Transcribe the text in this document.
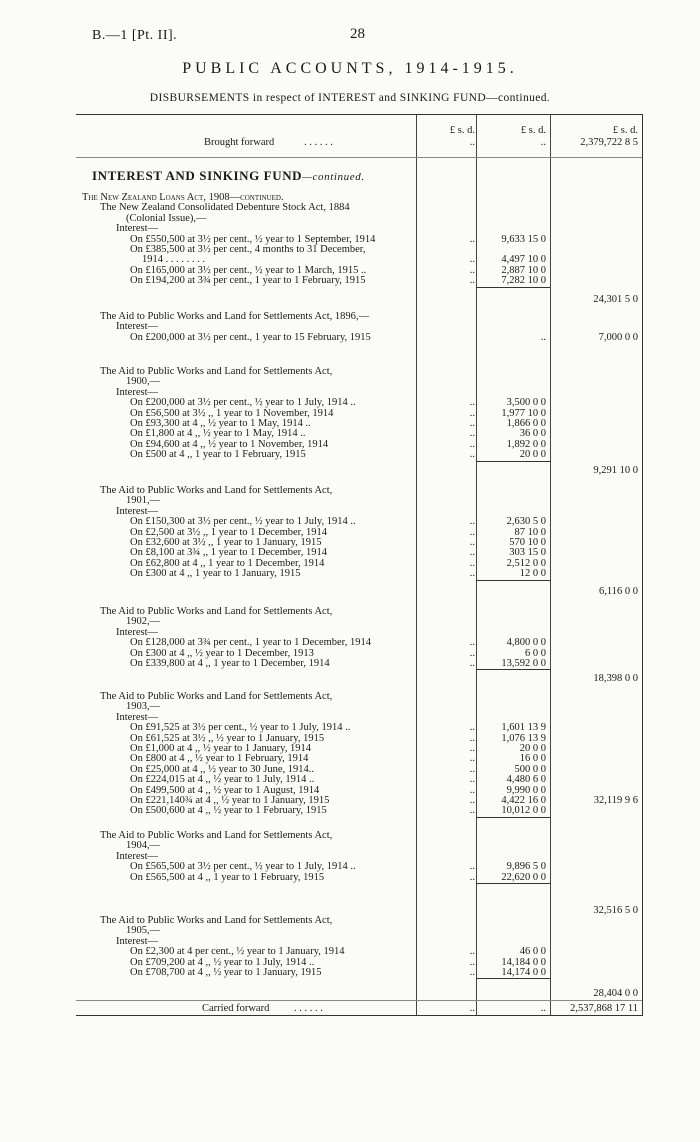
B.—1 [Pt. II].	28
PUBLIC ACCOUNTS, 1914-1915.
DISBURSEMENTS in respect of INTEREST and SINKING FUND—continued.
£ s. d.	£ s. d.	£ s. d.
Brought forward	. . . . . .	..	..	2,379,722 8 5
INTEREST AND SINKING FUND—continued.
The New Zealand Loans Act, 1908—continued.
The New Zealand Consolidated Debenture Stock Act, 1884
(Colonial Issue),—
Interest—
On £550,500 at 3½ per cent., ½ year to 1 September, 1914	..	9,633 15 0
On £385,500 at 3½ per cent., 4 months to 31 December,
1914 . . . . . . . .	..	4,497 10 0
On £165,000 at 3½ per cent., ½ year to 1 March, 1915 ..	..	2,887 10 0
On £194,200 at 3¾ per cent., 1 year to 1 February, 1915	..	7,282 10 0
24,301 5 0
The Aid to Public Works and Land for Settlements Act, 1896,—
Interest—
On £200,000 at 3½ per cent., 1 year to 15 February, 1915	..	7,000 0 0
The Aid to Public Works and Land for Settlements Act,
1900,—
Interest—
On £200,000 at 3½ per cent., ½ year to 1 July, 1914 ..	..	3,500 0 0
On £56,500 at 3½ ,, 1 year to 1 November, 1914	..	1,977 10 0
On £93,300 at 4 ,, ½ year to 1 May, 1914 ..	..	1,866 0 0
On £1,800 at 4 ,, ½ year to 1 May, 1914 ..	..	36 0 0
On £94,600 at 4 ,, ½ year to 1 November, 1914	..	1,892 0 0
On £500 at 4 ,, 1 year to 1 February, 1915	..	20 0 0
9,291 10 0
The Aid to Public Works and Land for Settlements Act,
1901,—
Interest—
On £150,300 at 3½ per cent., ½ year to 1 July, 1914 ..	..	2,630 5 0
On £2,500 at 3½ ,, 1 year to 1 December, 1914	..	87 10 0
On £32,600 at 3½ ,, 1 year to 1 January, 1915	..	570 10 0
On £8,100 at 3¾ ,, 1 year to 1 December, 1914	..	303 15 0
On £62,800 at 4 ,, 1 year to 1 December, 1914	..	2,512 0 0
On £300 at 4 ,, 1 year to 1 January, 1915	..	12 0 0
6,116 0 0
The Aid to Public Works and Land for Settlements Act,
1902,—
Interest—
On £128,000 at 3¾ per cent., 1 year to 1 December, 1914	..	4,800 0 0
On £300 at 4 ,, ½ year to 1 December, 1913	..	6 0 0
On £339,800 at 4 ,, 1 year to 1 December, 1914	..	13,592 0 0
18,398 0 0
The Aid to Public Works and Land for Settlements Act,
1903,—
Interest—
On £91,525 at 3½ per cent., ½ year to 1 July, 1914 ..	..	1,601 13 9
On £61,525 at 3½ ,, ½ year to 1 January, 1915	..	1,076 13 9
On £1,000 at 4 ,, ½ year to 1 January, 1914	..	20 0 0
On £800 at 4 ,, ½ year to 1 February, 1914	..	16 0 0
On £25,000 at 4 ,, ½ year to 30 June, 1914..	..	500 0 0
On £224,015 at 4 ,, ½ year to 1 July, 1914 ..	..	4,480 6 0
On £499,500 at 4 ,, ½ year to 1 August, 1914	..	9,990 0 0
On £221,140¾ at 4 ,, ½ year to 1 January, 1915	..	4,422 16 0
On £500,600 at 4 ,, ½ year to 1 February, 1915	..	10,012 0 0
32,119 9 6
The Aid to Public Works and Land for Settlements Act,
1904,—
Interest—
On £565,500 at 3½ per cent., ½ year to 1 July, 1914 ..	..	9,896 5 0
On £565,500 at 4 ,, 1 year to 1 February, 1915	..	22,620 0 0
32,516 5 0
The Aid to Public Works and Land for Settlements Act,
1905,—
Interest—
On £2,300 at 4 per cent., ½ year to 1 January, 1914	..	46 0 0
On £709,200 at 4 ,, ½ year to 1 July, 1914 ..	..	14,184 0 0
On £708,700 at 4 ,, ½ year to 1 January, 1915	..	14,174 0 0
28,404 0 0
Carried forward . . . . . .	..	..	2,537,868 17 11
